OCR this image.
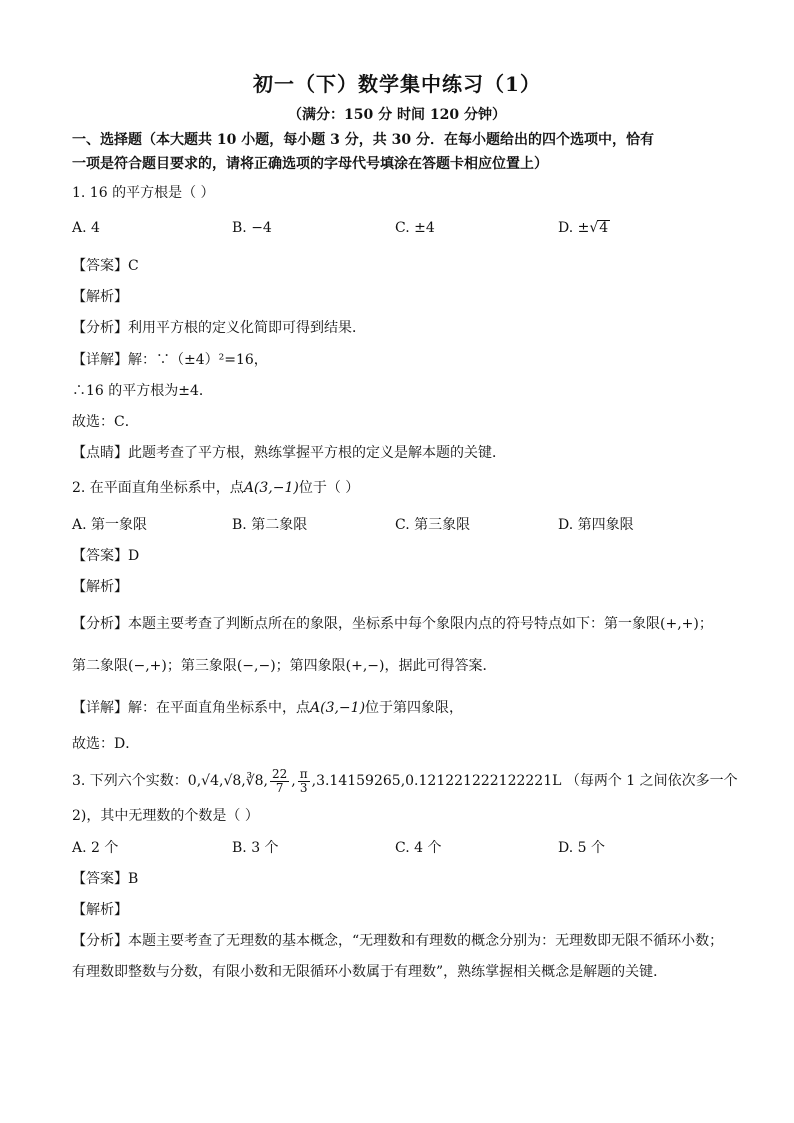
初一（下）数学集中练习（1）
（满分：150 分 时间 120 分钟）
一、选择题（本大题共 10 小题，每小题 3 分，共 30 分．在每小题给出的四个选项中，恰有
一项是符合题目要求的，请将正确选项的字母代号填涂在答题卡相应位置上）
1. 16 的平方根是（ ）
A. 4	B. −4	C. ±4	D. ±√4
【答案】C
【解析】
【分析】利用平方根的定义化简即可得到结果．
【详解】解：∵（±4）²=16，
∴16 的平方根为±4．
故选：C．
【点睛】此题考查了平方根，熟练掌握平方根的定义是解本题的关键．
2. 在平面直角坐标系中，点A(3,−1)位于（ ）
A. 第一象限	B. 第二象限	C. 第三象限	D. 第四象限
【答案】D
【解析】
【分析】本题主要考查了判断点所在的象限，坐标系中每个象限内点的符号特点如下：第一象限(+,+)；
第二象限(−,+)；第三象限(−,−)；第四象限(+,−)，据此可得答案．
【详解】解：在平面直角坐标系中，点A(3,−1)位于第四象限，
故选：D．
3. 下列六个实数：0,√4,√8,∛8, $\frac{22}{7}$ , $\frac{\pi}{3} ,3.14159265,0.121221222122221L$ （每两个 1 之间依次多一个
2)，其中无理数的个数是（ ）
A. 2 个	B. 3 个	C. 4 个	D. 5 个
【答案】B
【解析】
【分析】本题主要考查了无理数的基本概念，“无理数和有理数的概念分别为：无理数即无限不循环小数；
有理数即整数与分数，有限小数和无限循环小数属于有理数”，熟练掌握相关概念是解题的关键．
